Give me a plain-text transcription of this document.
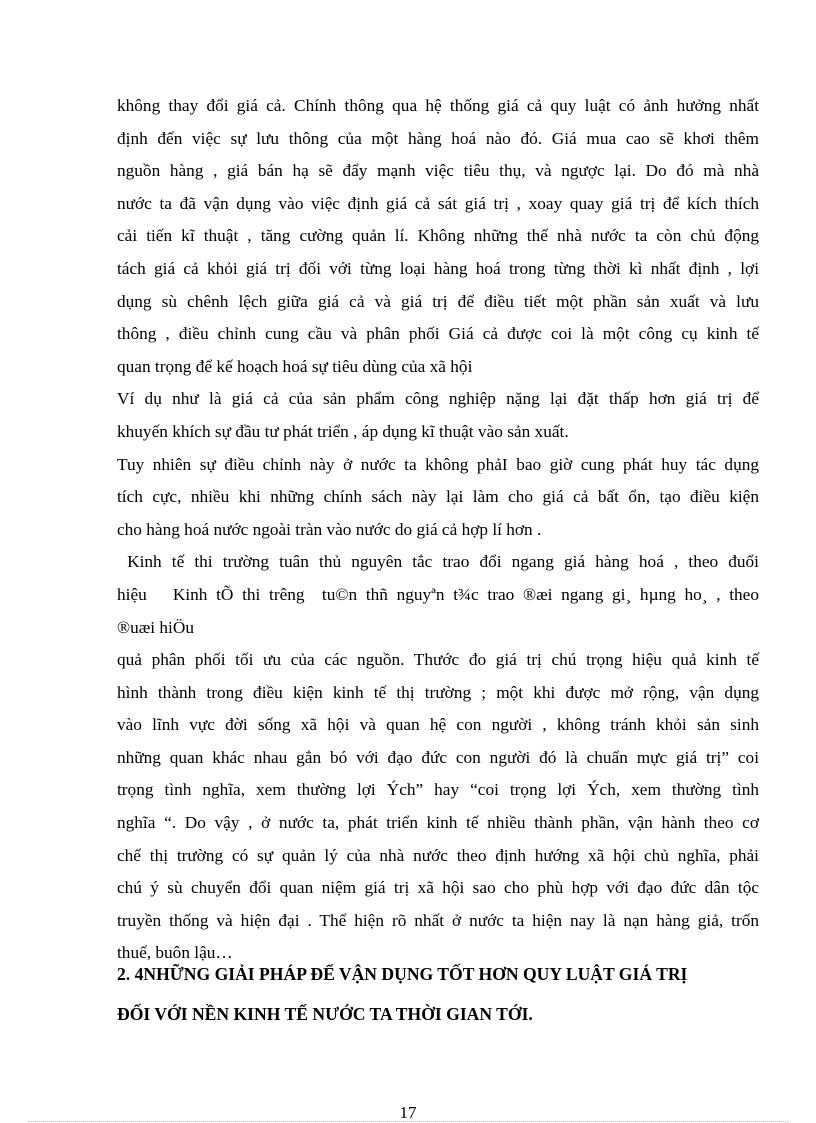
không thay đổi giá cả. Chính thông qua hệ thống giá cả quy luật có ảnh hưởng nhất
định đến việc sự lưu thông của một hàng hoá nào đó. Giá mua cao sẽ khơi thêm
nguồn hàng , giá bán hạ sẽ đẩy mạnh việc tiêu thụ, và ngược lại. Do đó mà nhà
nước ta đã vận dụng vào việc định giá cả sát giá trị , xoay quay giá trị để kích thích
cải tiến kĩ thuật , tăng cường quản lí. Không những thế nhà nước ta còn chủ động
tách giá cả khỏi giá trị đối với từng loại hàng hoá trong từng thời kì nhất định , lợi
dụng sù chênh lệch giữa giá cả và giá trị để điều tiết một phần sản xuất và lưu
thông , điều chỉnh cung cầu và phân phối Giá cả được coi là một công cụ kinh tế
quan trọng để kế hoạch hoá sự tiêu dùng của xã hội
Ví dụ như là giá cả của sản phẩm công nghiệp nặng lại đặt thấp hơn giá trị để
khuyến khích sự đầu tư phát triển , áp dụng kĩ thuật vào sản xuất.
Tuy nhiên sự điều chỉnh này ở nước ta không phảI bao giờ cung phát huy tác dụng
tích cực, nhiều khi những chính sách này lại làm cho giá cả bất ổn, tạo điều kiện
cho hàng hoá nước ngoài tràn vào nước do giá cả hợp lí hơn .
Kinh tế thi trường tuân thủ nguyên tắc trao đổi ngang giá hàng hoá , theo đuổi
hiệu   Kinh tÕ thi trêng  tu©n thñ nguyªn t¾c trao ®æi ngang gi¸ hµng ho¸ , theo
®uæi hiÖu
quả phân phối tối ưu của các nguồn. Thước đo giá trị chú trọng hiệu quả kinh tế
hình thành trong điều kiện kinh tế thị trường ; một khi được mở rộng, vận dụng
vào lĩnh vực đời sống xã hội và quan hệ con người , không tránh khỏi sản sinh
những quan khác nhau gắn bó với đạo đức con người đó là chuẩn mực giá trị” coi
trọng tình nghĩa, xem thường lợi Ých” hay “coi trọng lợi Ých, xem thường tình
nghĩa “. Do vậy , ở nước ta, phát triển kinh tế nhiều thành phần, vận hành theo cơ
chế thị trường có sự quản lý của nhà nước theo định hướng xã hội chủ nghĩa, phải
chú ý sù chuyển đổi quan niệm giá trị xã hội sao cho phù hợp với đạo đức dân tộc
truyền thống và hiện đại . Thể hiện rõ nhất ở nước ta hiện nay là nạn hàng giả, trốn
thuế, buôn lậu…
2. 4NHỮNG GIẢI PHÁP ĐỂ VẬN DỤNG TỐT HƠN QUY LUẬT GIÁ TRỊ
ĐỐI VỚI NỀN KINH TẾ NƯỚC TA THỜI GIAN TỚI.
17
